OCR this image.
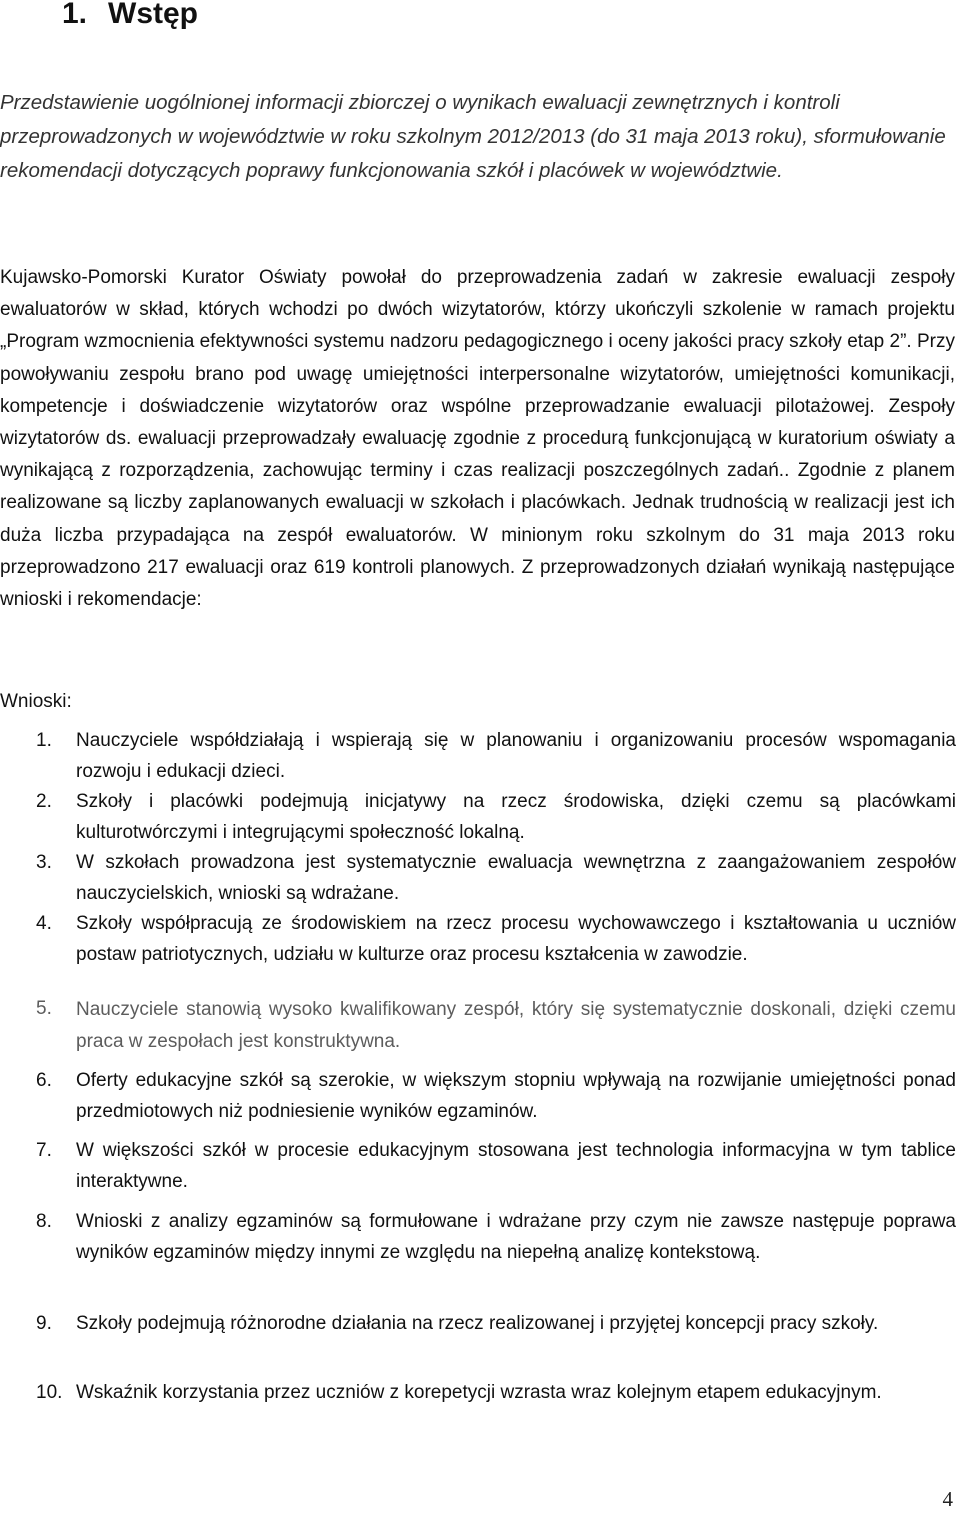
1. Wstęp

Przedstawienie uogólnionej informacji zbiorczej o wynikach ewaluacji zewnętrznych i kontroli przeprowadzonych w województwie w roku szkolnym 2012/2013 (do 31 maja 2013 roku), sformułowanie rekomendacji dotyczących poprawy funkcjonowania szkół i placówek w województwie.

Kujawsko-Pomorski Kurator Oświaty powołał do przeprowadzenia zadań w zakresie ewaluacji zespoły ewaluatorów w skład, których wchodzi po dwóch wizytatorów, którzy ukończyli szkolenie w ramach projektu „Program wzmocnienia efektywności systemu nadzoru pedagogicznego i oceny jakości pracy szkoły etap 2”. Przy powoływaniu zespołu brano pod uwagę umiejętności interpersonalne wizytatorów, umiejętności komunikacji, kompetencje i doświadczenie wizytatorów oraz wspólne przeprowadzanie ewaluacji pilotażowej. Zespoły wizytatorów ds. ewaluacji przeprowadzały ewaluację zgodnie z procedurą funkcjonującą w kuratorium oświaty a wynikającą z rozporządzenia, zachowując terminy i czas realizacji poszczególnych zadań.. Zgodnie z planem realizowane są liczby zaplanowanych ewaluacji w szkołach i placówkach. Jednak trudnością w realizacji jest ich duża liczba przypadająca na zespół ewaluatorów. W minionym roku szkolnym do 31 maja 2013 roku przeprowadzono 217 ewaluacji oraz 619 kontroli planowych. Z przeprowadzonych działań wynikają następujące wnioski i rekomendacje:

Wnioski:

1. Nauczyciele współdziałają i wspierają się w planowaniu i organizowaniu procesów wspomagania rozwoju i edukacji dzieci.

2. Szkoły i placówki podejmują inicjatywy na rzecz środowiska, dzięki czemu są placówkami kulturotwórczymi i integrującymi społeczność lokalną.

3. W szkołach prowadzona jest systematycznie ewaluacja wewnętrzna z zaangażowaniem zespołów nauczycielskich, wnioski są wdrażane.

4. Szkoły współpracują ze środowiskiem na rzecz procesu wychowawczego i kształtowania u uczniów postaw patriotycznych, udziału w kulturze oraz procesu kształcenia w zawodzie.

5. Nauczyciele stanowią wysoko kwalifikowany zespół, który się systematycznie doskonali, dzięki czemu praca w zespołach jest konstruktywna.

6. Oferty edukacyjne szkół są szerokie, w większym stopniu wpływają na rozwijanie umiejętności ponad przedmiotowych niż podniesienie wyników egzaminów.

7. W większości szkół w procesie edukacyjnym stosowana jest technologia informacyjna w tym tablice interaktywne.

8. Wnioski z analizy egzaminów są formułowane i wdrażane przy czym nie zawsze następuje poprawa wyników egzaminów między innymi ze względu na niepełną analizę kontekstową.

9. Szkoły podejmują różnorodne działania na rzecz realizowanej i przyjętej koncepcji pracy szkoły.

10. Wskaźnik korzystania przez uczniów z korepetycji wzrasta wraz kolejnym etapem edukacyjnym.

4
